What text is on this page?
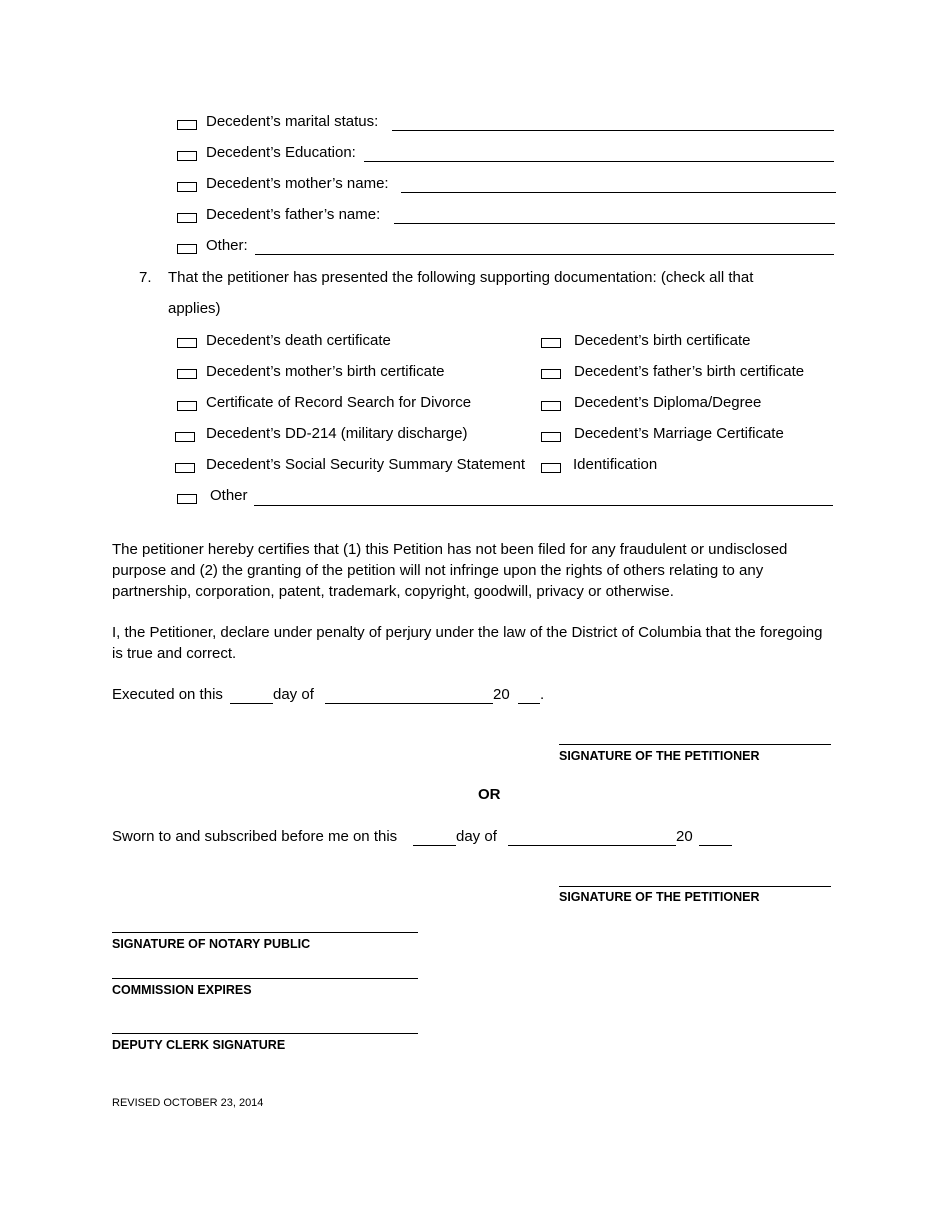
Decedent’s marital status:
Decedent’s Education:
Decedent’s mother’s name:
Decedent’s father’s name:
Other:
7. That the petitioner has presented the following supporting documentation: (check all that
applies)
Decedent’s death certificate
Decedent’s mother’s birth certificate
Certificate of Record Search for Divorce
Decedent’s DD-214 (military discharge)
Decedent’s Social Security Summary Statement
Decedent’s birth certificate
Decedent’s father’s birth certificate
Decedent’s Diploma/Degree
Decedent’s Marriage Certificate
Identification
Other
The petitioner hereby certifies that (1) this Petition has not been filed for any fraudulent or undisclosed purpose and (2) the granting of the petition will not infringe upon the rights of others relating to any partnership, corporation, patent, trademark, copyright, goodwill, privacy or otherwise.
I, the Petitioner, declare under penalty of perjury under the law of the District of Columbia that the foregoing is true and correct.
Executed on this	day of	20 .
SIGNATURE OF THE PETITIONER
OR
Sworn to and subscribed before me on this	day of	20
SIGNATURE OF THE PETITIONER
SIGNATURE OF NOTARY PUBLIC
COMMISSION EXPIRES
DEPUTY CLERK SIGNATURE
REVISED OCTOBER 23, 2014
